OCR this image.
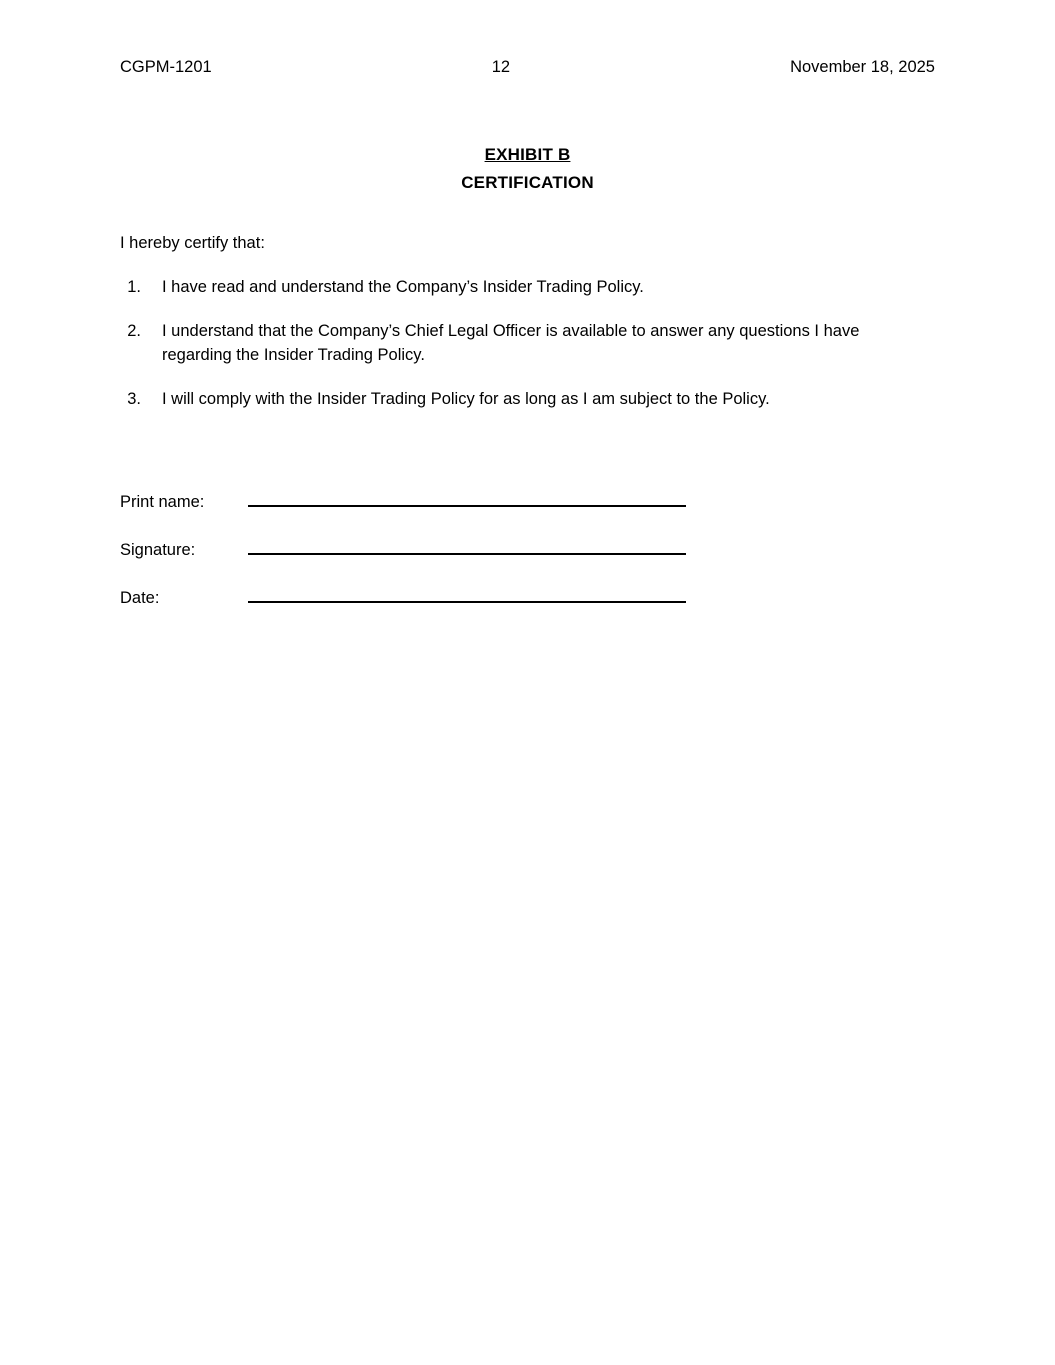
CGPM-1201	12	November 18, 2025
EXHIBIT B
CERTIFICATION
I hereby certify that:
1.	I have read and understand the Company’s Insider Trading Policy.
2.	I understand that the Company’s Chief Legal Officer is available to answer any questions I have regarding the Insider Trading Policy.
3.	I will comply with the Insider Trading Policy for as long as I am subject to the Policy.
Print name:
Signature:
Date:
